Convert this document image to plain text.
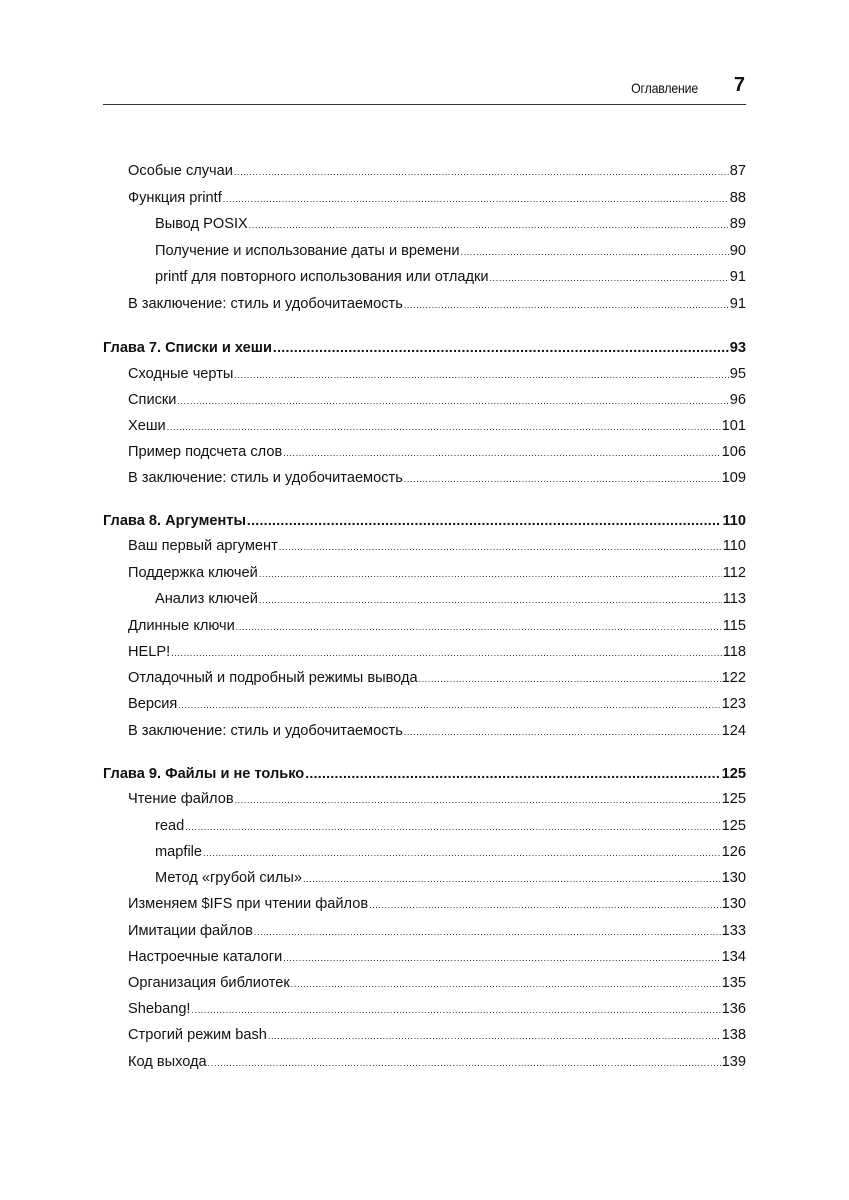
Оглавление 7
Особые случаи .....	87
Функция printf .....	88
Вывод POSIX .....	89
Получение и использование даты и времени .....	90
printf для повторного использования или отладки .....	91
В заключение: стиль и удобочитаемость .....	91
Глава 7. Списки и хеши .....	93
Сходные черты .....	95
Списки .....	96
Хеши .....	101
Пример подсчета слов .....	106
В заключение: стиль и удобочитаемость .....	109
Глава 8. Аргументы .....	110
Ваш первый аргумент .....	110
Поддержка ключей .....	112
Анализ ключей .....	113
Длинные ключи .....	115
HELP! .....	118
Отладочный и подробный режимы вывода .....	122
Версия .....	123
В заключение: стиль и удобочитаемость .....	124
Глава 9. Файлы и не только .....	125
Чтение файлов .....	125
read .....	125
mapfile .....	126
Метод «грубой силы» .....	130
Изменяем $IFS при чтении файлов .....	130
Имитации файлов .....	133
Настроечные каталоги .....	134
Организация библиотек .....	135
Shebang! .....	136
Строгий режим bash .....	138
Код выхода .....	139
